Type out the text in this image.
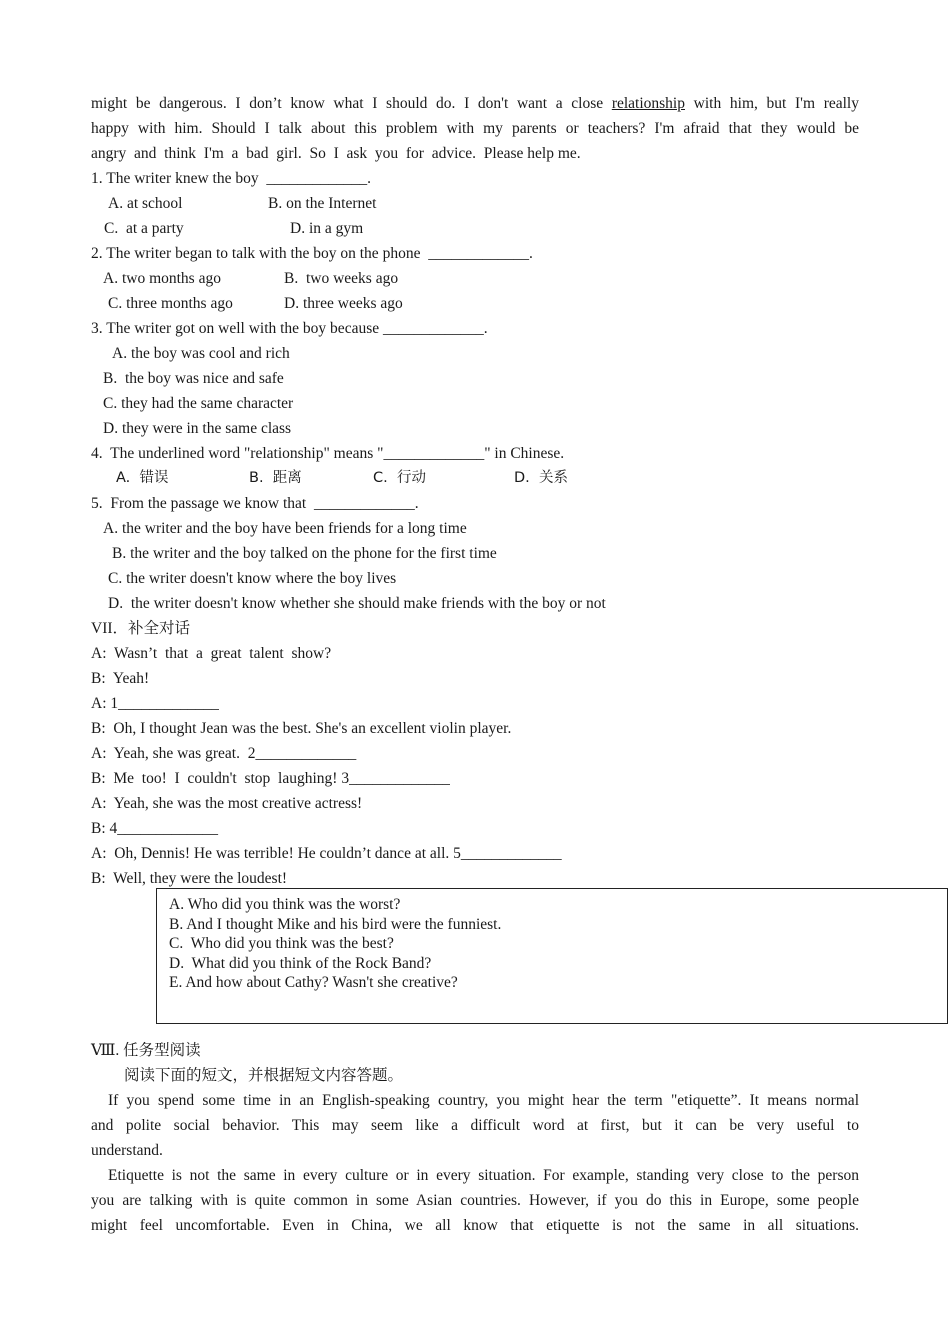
might be dangerous. I don’t know what I should do. I don't want a close relationship with him, but I'm really
happy with him. Should I talk about this problem with my parents or teachers? I'm afraid that they would be
angry  and  think  I'm  a  bad  girl.  So  I  ask  you  for  advice.  Please help me.
1. The writer knew the boy  _____________.
A. at school	B. on the Internet
C.  at a party	D. in a gym
2. The writer began to talk with the boy on the phone  _____________.
A. two months ago	B.  two weeks ago
C. three months ago	D. three weeks ago
3. The writer got on well with the boy because _____________.
A. the boy was cool and rich
B.  the boy was nice and safe
C. they had the same character
D. they were in the same class
4.  The underlined word "relationship" means "_____________" in Chinese.
A.  错误	B.  距离	C.  行动	D.  关系
5.  From the passage we know that  _____________.
A. the writer and the boy have been friends for a long time
B. the writer and the boy talked on the phone for the first time
C. the writer doesn't know where the boy lives
D.  the writer doesn't know whether she should make friends with the boy or not
VII．补全对话
A:  Wasn’t  that  a  great  talent  show?
B:  Yeah!
A: 1_____________
B:  Oh, I thought Jean was the best. She's an excellent violin player.
A:  Yeah, she was great.  2_____________
B:  Me  too!  I  couldn't  stop  laughing! 3_____________
A:  Yeah, she was the most creative actress!
B: 4_____________
A:  Oh, Dennis! He was terrible! He couldn’t dance at all. 5_____________
B:  Well, they were the loudest!
A. Who did you think was the worst?
B. And I thought Mike and his bird were the funniest.
C.  Who did you think was the best?
D.  What did you think of the Rock Band?
E. And how about Cathy? Wasn't she creative?
Ⅷ. 任务型阅读
阅读下面的短文，并根据短文内容答题。
If you spend some time in an English-speaking country, you might hear the term "etiquette”. It means normal
and polite social behavior. This may seem like a difficult word at first, but it can be very useful to
understand.
Etiquette is not the same in every culture or in every situation. For example, standing very close to the person
you are talking with is quite common in some Asian countries. However, if you do this in Europe, some people
might feel uncomfortable. Even in China, we all know that etiquette is not the same in all situations.
